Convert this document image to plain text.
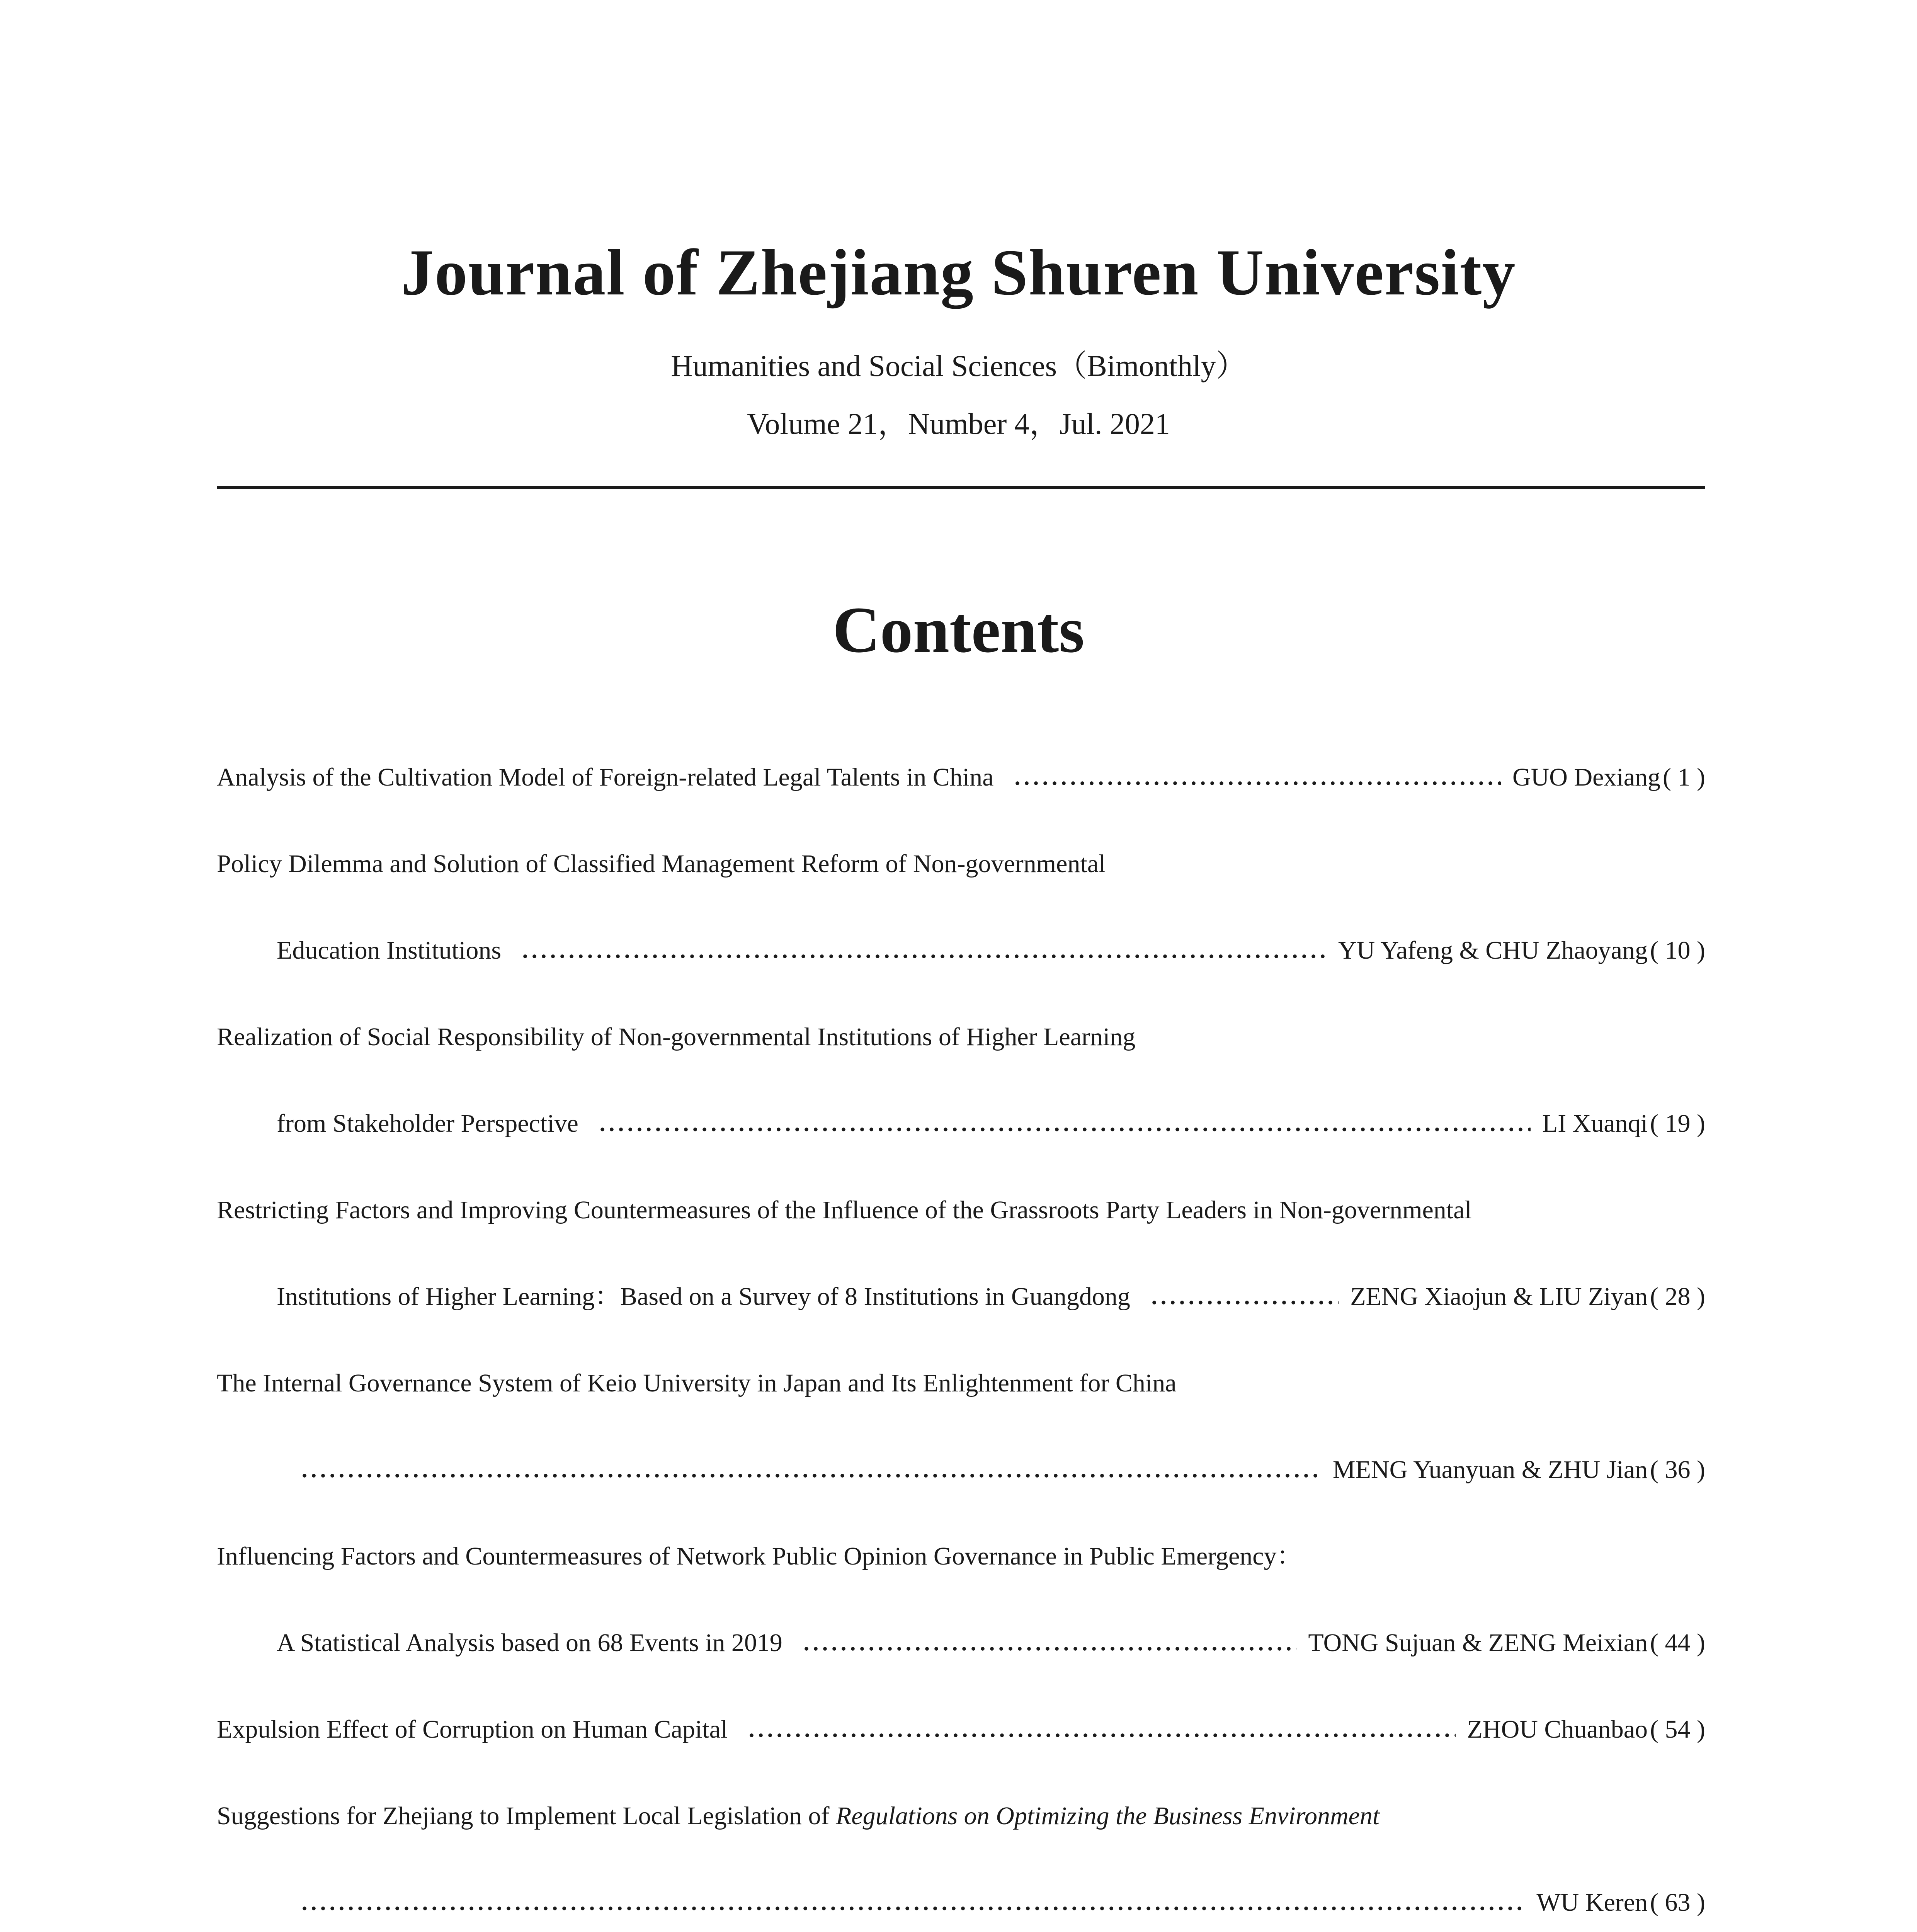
Journal of Zhejiang Shuren University
Humanities and Social Sciences（Bimonthly）
Volume 21，Number 4，Jul. 2021
Contents
Analysis of the Cultivation Model of Foreign-related Legal Talents in China	GUO Dexiang ( 1 )
Policy Dilemma and Solution of Classified Management Reform of Non-governmental
Education Institutions	YU Yafeng & CHU Zhaoyang ( 10 )
Realization of Social Responsibility of Non-governmental Institutions of Higher Learning
from Stakeholder Perspective	LI Xuanqi ( 19 )
Restricting Factors and Improving Countermeasures of the Influence of the Grassroots Party Leaders in Non-governmental
Institutions of Higher Learning：Based on a Survey of 8 Institutions in Guangdong	ZENG Xiaojun & LIU Ziyan ( 28 )
The Internal Governance System of Keio University in Japan and Its Enlightenment for China
MENG Yuanyuan & ZHU Jian ( 36 )
Influencing Factors and Countermeasures of Network Public Opinion Governance in Public Emergency：
A Statistical Analysis based on 68 Events in 2019	TONG Sujuan & ZENG Meixian ( 44 )
Expulsion Effect of Corruption on Human Capital	ZHOU Chuanbao ( 54 )
Suggestions for Zhejiang to Implement Local Legislation of Regulations on Optimizing the Business Environment
WU Keren ( 63 )
